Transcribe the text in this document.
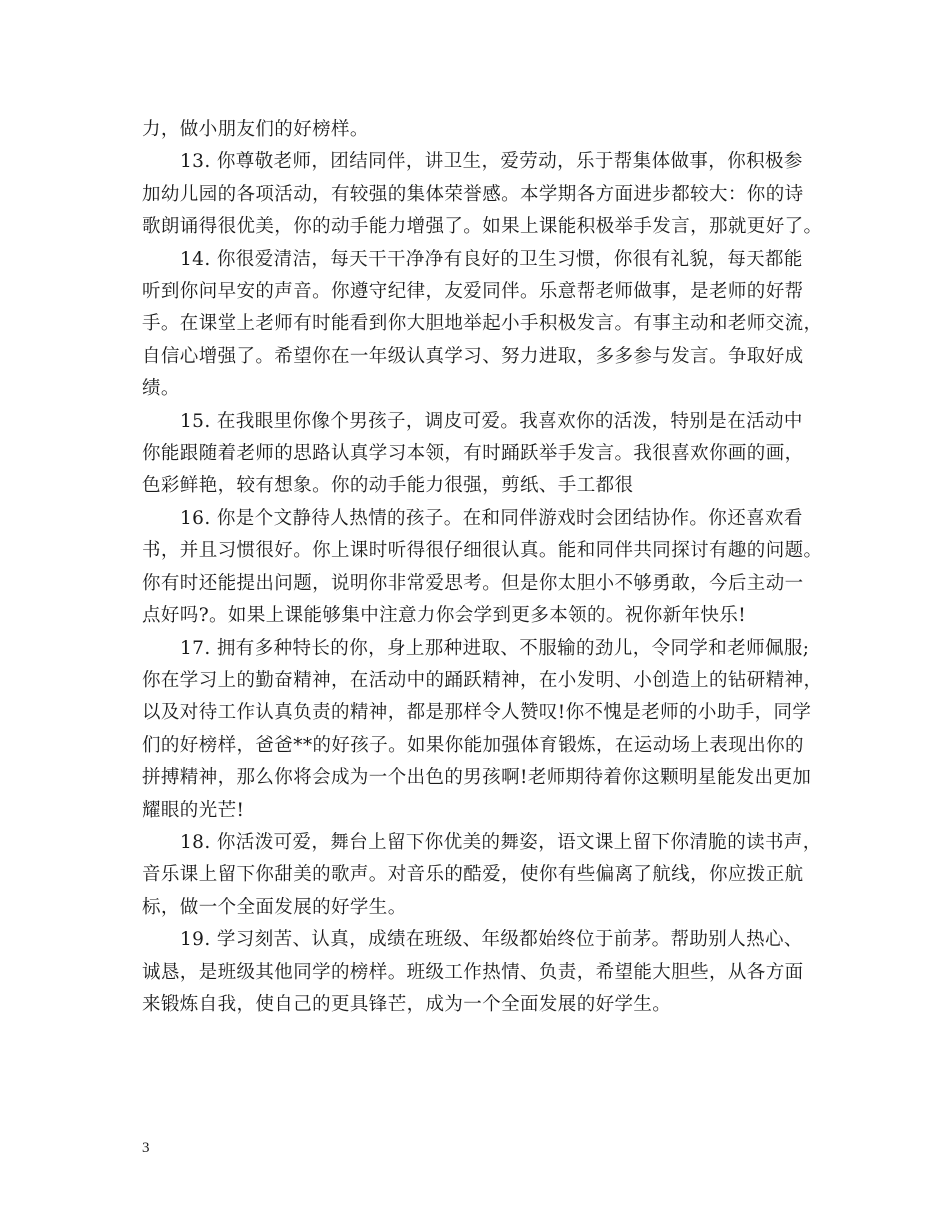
力，做小朋友们的好榜样。
13. 你尊敬老师，团结同伴，讲卫生，爱劳动，乐于帮集体做事，你积极参
加幼儿园的各项活动，有较强的集体荣誉感。本学期各方面进步都较大：你的诗
歌朗诵得很优美，你的动手能力增强了。如果上课能积极举手发言，那就更好了。
14. 你很爱清洁，每天干干净净有良好的卫生习惯，你很有礼貌，每天都能
听到你问早安的声音。你遵守纪律，友爱同伴。乐意帮老师做事，是老师的好帮
手。在课堂上老师有时能看到你大胆地举起小手积极发言。有事主动和老师交流，
自信心增强了。希望你在一年级认真学习、努力进取，多多参与发言。争取好成
绩。
15. 在我眼里你像个男孩子，调皮可爱。我喜欢你的活泼，特别是在活动中
你能跟随着老师的思路认真学习本领，有时踊跃举手发言。我很喜欢你画的画，
色彩鲜艳，较有想象。你的动手能力很强，剪纸、手工都很
16. 你是个文静待人热情的孩子。在和同伴游戏时会团结协作。你还喜欢看
书，并且习惯很好。你上课时听得很仔细很认真。能和同伴共同探讨有趣的问题。
你有时还能提出问题，说明你非常爱思考。但是你太胆小不够勇敢，今后主动一
点好吗?。如果上课能够集中注意力你会学到更多本领的。祝你新年快乐!
17. 拥有多种特长的你，身上那种进取、不服输的劲儿，令同学和老师佩服;
你在学习上的勤奋精神，在活动中的踊跃精神，在小发明、小创造上的钻研精神，
以及对待工作认真负责的精神，都是那样令人赞叹!你不愧是老师的小助手，同学
们的好榜样，爸爸**的好孩子。如果你能加强体育锻炼，在运动场上表现出你的
拼搏精神，那么你将会成为一个出色的男孩啊!老师期待着你这颗明星能发出更加
耀眼的光芒!
18. 你活泼可爱，舞台上留下你优美的舞姿，语文课上留下你清脆的读书声，
音乐课上留下你甜美的歌声。对音乐的酷爱，使你有些偏离了航线，你应拨正航
标，做一个全面发展的好学生。
19. 学习刻苦、认真，成绩在班级、年级都始终位于前茅。帮助别人热心、
诚恳，是班级其他同学的榜样。班级工作热情、负责，希望能大胆些，从各方面
来锻炼自我，使自己的更具锋芒，成为一个全面发展的好学生。
3
